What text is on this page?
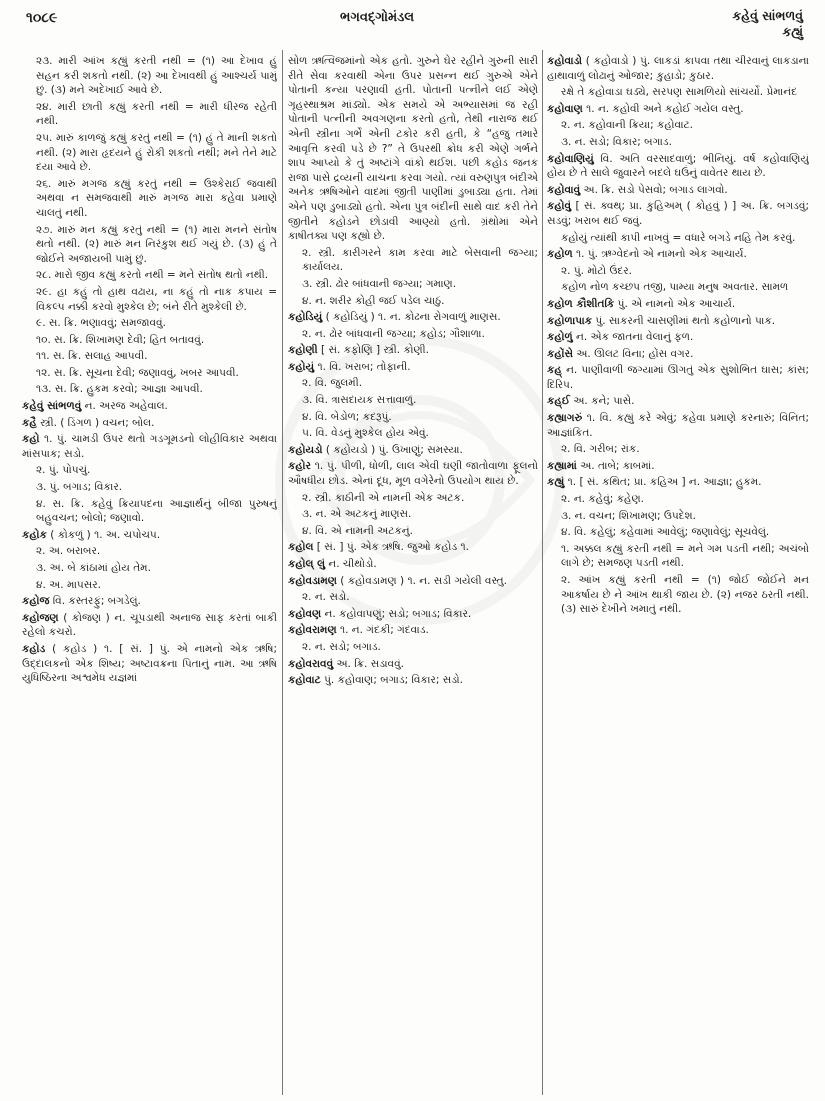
૧૦૮૯	ભગવદ્ગોમંડલ	કહેવું સાંભળવું
કહ્યું

૨૩. મારી આંખ કહ્યું કરતી નથી = (૧) આ દેખાવ હું સહન કરી શકતો નથી. (૨) આ દેખાવથી હું આશ્ચર્ય પામું છું. (૩) મને અદેખાઈ આવે છે.

૨૪. મારી છાતી કહ્યું કરતી નથી = મારી ધીરજ રહેતી નથી.

૨૫. મારું કાળજું કહ્યું કરતું નથી = (૧) હું તે માની શકતો નથી. (૨) મારા હૃદયને હું રોકી શકતો નથી; મને તેને માટે દયા આવે છે.

૨૬. મારું મગજ કહ્યું કરતું નથી = ઉશ્કેરાઈ જવાથી અથવા ન સમજવાથી મારું મગજ મારા કહેવા પ્રમાણે ચાલતું નથી.

૨૭. મારું મન કહ્યું કરતું નથી = (૧) મારા મનને સંતોષ થતો નથી. (૨) મારું મન નિરંકુશ થઈ ગયું છે. (૩) હું તે જોઈને અજાયબી પામું છું.

૨૮. મારો જીવ કહ્યું કરતો નથી = મને સંતોષ થતો નથી.

૨૯. હા કહું તો હાથ વઢાય, ના કહું તો નાક કપાય = વિકલ્પ નક્કી કરવો મુશ્કેલ છે; બંને રીતે મુશ્કેલી છે.

૯. સ. ક્રિ. ભણાવવું; સમજાવવું.

૧૦. સ. ક્રિ. શિખામણ દેવી; હિત બતાવવું.

૧૧. સ. ક્રિ. સલાહ આપવી.

૧૨. સ. ક્રિ. સૂચના દેવી; જણાવવું, ખબર આપવી.

૧૩. સ. ક્રિ. હુકમ કરવો; આજ્ઞા આપવી.

કહેવું સાંભળવું ન. અરજ અહેવાલ.

કહૈ સ્ત્રી. ( ડિંગળ ) વચન; બોલ.

કહો ૧. પું. ચામડી ઉપર થતો ગડગૂમડનો લોહીવિકાર અથવા માંસપાક; સડો.

૨. પું. પોપચું.

૩. પું. બગાડ; વિકાર.

૪. સ. ક્રિ. કહેવું ક્રિયાપદના આજ્ઞાર્થનું બીજા પુરુષનું બહુવચન; બોલો; જણાવો.

કહોક ( કોકળું ) ૧. અ. ચપોચપ.

૨. અ. બરાબર.

૩. અ. બે કાંઠામાં હોય તેમ.

૪. અ. માપસર.

કહોજ વિ. કસ્તરફું; બગડેલું.

કહોજણ ( કોજણ ) ન. ચૂપડાથી અનાજ સાફ કરતાં બાકી રહેલો કચરો.

કહોડ ( કહોડ ) ૧. [ સં. ] પું. એ નામનો એક ઋષિ; ઉદ્દાલકનો એક શિષ્ય; અષ્ટાવક્રના પિતાનું નામ. આ ઋષિ યુધિષ્ઠિરના અશ્વમેધ યજ્ઞમાં

સોળ ઋત્વિજમાંનો એક હતો. ગુરુને ઘેર રહીને ગુરુની સારી રીતે સેવા કરવાથી એના ઉપર પ્રસન્ન થઈ ગુરુએ એને પોતાની કન્યા પરણાવી હતી. પોતાની પત્નીને લઈ એણે ગૃહસ્થાશ્રમ માંડ્યો. એક સમયે એ અભ્યાસમાં જ રહી પોતાની પત્નીની અવગણના કરતો હતો, તેથી નારાજ થઈ એની સ્ત્રીના ગર્ભે એની ટકોર કરી હતી, કે “હજુ તમારે આવૃત્તિ કરવી પડે છે ?” તે ઉપરથી ક્રોધ કરી એણે ગર્ભને શાપ આપ્યો કે તું અષ્ટાંગે વાંકો થઈશ. પછી કહોડ જનક રાજા પાસે દ્રવ્યની યાચના કરવા ગયો. ત્યાં વરુણપુત્ર બંદીએ અનેક ઋષિઓને વાદમાં જીતી પાણીમાં ડુબાડ્યા હતા. તેમાં એને પણ ડુબાડ્યો હતો. એના પુત્ર બંદીની સાથે વાદ કરી તેને જીતીને કહોડને છોડાવી આણ્યો હતો. ગ્રંથોમાં એને કાષીતક્ય પણ કહ્યો છે.

૨. સ્ત્રી. કારીગરને કામ કરવા માટે બેસવાની જગ્યા; કાર્યાલય.

૩. સ્ત્રી. ઢોર બાંધવાની જગ્યા; ગમાણ.

૪. ન. શરીર કોહી જઈ પડેલ ચાઠું.

કહોડિયું ( કહોડિયું ) ૧. ન. કોઢના રોગવાળું માણસ.

૨. ન. ઢોર બાંધવાની જગ્યા; કહોડ; ગૌશાળા.

કહોણી [ સં. કફોણિ ] સ્ત્રી. કોણી.

કહોયું ૧. વિ. ખરાબ; તોફાની.

૨. વિ. જુલમી.

૩. વિ. ત્રાસદાયક સત્તાવાળું.

૪. વિ. બેડોળ; કદરૂપું.

૫. વિ. વેડનું મુશ્કેલ હોય એવું.

કહોયડો ( કહોયડો ) પું. ઉખાણું; સમસ્યા.

કહોર ૧. પું. પીળી, ધોળી, લાલ એવી ઘણી જાતોવાળા ફૂલનો ઔષધીય છોડ. એનાં દૂધ, મૂળ વગેરેનો ઉપયોગ થાય છે.

૨. સ્ત્રી. કાઠીની એ નામની એક અટક.

૩. ન. એ અટકનું માણસ.

૪. વિ. એ નામની અટકનું.

કહોલ [ સં. ] પું. એક ઋષિ. જુઓ કહોડ ૧.

કહોલ્ લું ન. ચીથોડો.

કહોવડામણ ( કહોવડામણ ) ૧. ન. સડી ગયેલી વસ્તુ.

૨. ન. સડો.

કહોવણ ન. કહોવાપણું; સડો; બગાડ; વિકાર.

કહોવરામણ ૧. ન. ગંદકી; ગંદવાડ.

૨. ન. સડો; બગાડ.

કહોવરાવવું અ. ક્રિ. સડાવવું.

કહોવાટ પું. કહોવાણ; બગાડ; વિકાર; સડો.

કહોવાડો ( કહોવાડો ) પું. લાકડાં કાપવા તથા ચીરવાનું લાકડાના હાથાવાળું લોઢાનું ઓજાર; કુહાડો; કુઠાર.

રક્ષે તે કહોવાડા ઘડ્યે, સરપણ સામળિયો સાંચર્યો. પ્રેમાનંદ

કહોવાણ ૧. ન. કહોવી અને કહોઈ ગયેલ વસ્તુ.

૨. ન. કહોવાની ક્રિયા; કહોવાટ.

૩. ન. સડો; વિકાર; બગાડ.

કહોવાણિયું વિ. અતિ વરસાદવાળું; ભીનિયું. વર્ષ કહોવાણિયું હોય છે તે સાલે જુવારને બદલે ઘઉંનું વાવેતર થાય છે.

કહોવાવું અ. ક્રિ. સડો પેસવો; બગાડ લાગવો.

કહોવું [ સં. ક્વથ્; પ્રા. કુહિઅમ્ ( કોહવું ) ] અ. ક્રિ. બગડવું; સડવું; ખરાબ થઈ જવું.

કહોયું ત્યાંથી કાપી નાખવું = વધારે બગડે નહિ તેમ કરવું.

કહોળ ૧. પું. ઋગ્વેદનો એ નામનો એક આચાર્ય.

૨. પું. મોટો ઉંદર.

કહોળ નોળ કચ્છપ તજી, પામ્યા મનુષ અવતાર. સામળ

કહોળ કૌશીતકિ પું. એ નામનો એક આચાર્ય.

કહોળાપાક પું. સાકરની ચાસણીમાં થતો કહોળાનો પાક.

કહોળું ન. એક જાતના વેલાનું ફળ.

કહોંસે અ. ઊલટ વિના; હોંસ વગર.

કહ્ ન. પાણીવાળી જગ્યામાં ઊગતું એક સુશોભિત ઘાસ; કાંસ; દિરિપ.

કહ્ઈ અ. કને; પાસે.

કહ્યાગરું ૧. વિ. કહ્યું કરે એવું; કહેવા પ્રમાણે કરનારું; વિનિત; આજ્ઞાંકિત.

૨. વિ. ગરીબ; રાંક.

કહ્યામાં અ. તાબે; કાબમાં.

કહ્યું ૧. [ સં. કથિત; પ્રા. કહિઅ ] ન. આજ્ઞા; હુકમ.

૨. ન. કહેવું; કહેણ.

૩. ન. વચન; શિખામણ; ઉપદેશ.

૪. વિ. કહેલું; કહેવામાં આવેલું; જણાવેલું; સૂચવેલું.

૧. અક્કલ કહ્યું કરતી નથી = મને ગમ પડતી નથી; અચંબો લાગે છે; સમજણ પડતી નથી.

૨. આંખ કહ્યું કરતી નથી = (૧) જોઈ જોઈને મન આકર્ષાય છે ને આંખ થાકી જાય છે. (૨) નજર ઠરતી નથી. (૩) સારું દેખીને ખમાતું નથી.
